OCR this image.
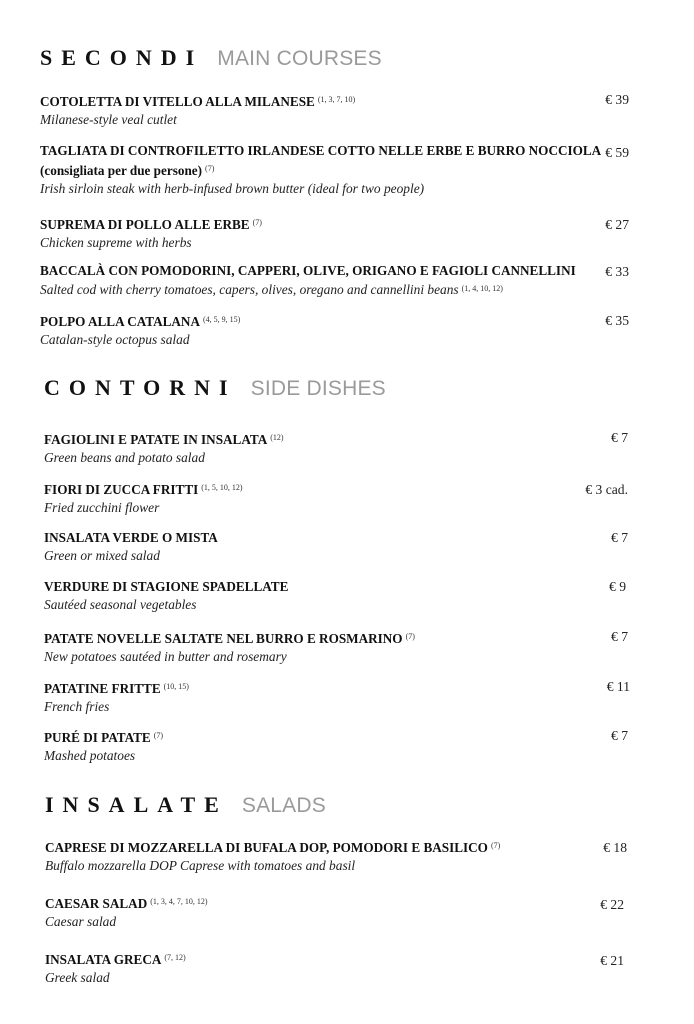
SECONDI MAIN COURSES
COTOLETTA DI VITELLO ALLA MILANESE $^{(1, 3, 7, 10)}$
Milanese-style veal cutlet
€ 39
TAGLIATA DI CONTROFILETTO IRLANDESE COTTO NELLE ERBE E BURRO NOCCIOLA
(consigliata per due persone) $^{(7)}$
Irish sirloin steak with herb-infused brown butter (ideal for two people)
€ 59
SUPREMA DI POLLO ALLE ERBE $^{(7)}$
Chicken supreme with herbs
€ 27
BACCALÀ CON POMODORINI, CAPPERI, OLIVE, ORIGANO E FAGIOLI CANNELLINI
Salted cod with cherry tomatoes, capers, olives, oregano and cannellini beans $^{(1, 4, 10, 12)}$
€ 33
POLPO ALLA CATALANA $^{(4, 5, 9, 15)}$
Catalan-style octopus salad
€ 35
CONTORNI SIDE DISHES
FAGIOLINI E PATATE IN INSALATA $^{(12)}$
Green beans and potato salad
€ 7
FIORI DI ZUCCA FRITTI $^{(1, 5, 10, 12)}$
Fried zucchini flower
€ 3 cad.
INSALATA VERDE O MISTA
Green or mixed salad
€ 7
VERDURE DI STAGIONE SPADELLATE
Sautéed seasonal vegetables
€ 9
PATATE NOVELLE SALTATE NEL BURRO E ROSMARINO $^{(7)}$
New potatoes sautéed in butter and rosemary
€ 7
PATATINE FRITTE $^{(10, 15)}$
French fries
€ 11
PURÉ DI PATATE $^{(7)}$
Mashed potatoes
€ 7
INSALATE SALADS
CAPRESE DI MOZZARELLA DI BUFALA DOP, POMODORI E BASILICO $^{(7)}$
Buffalo mozzarella DOP Caprese with tomatoes and basil
€ 18
CAESAR SALAD $^{(1, 3, 4, 7, 10, 12)}$
Caesar salad
€ 22
INSALATA GRECA $^{(7, 12)}$
Greek salad
€ 21
